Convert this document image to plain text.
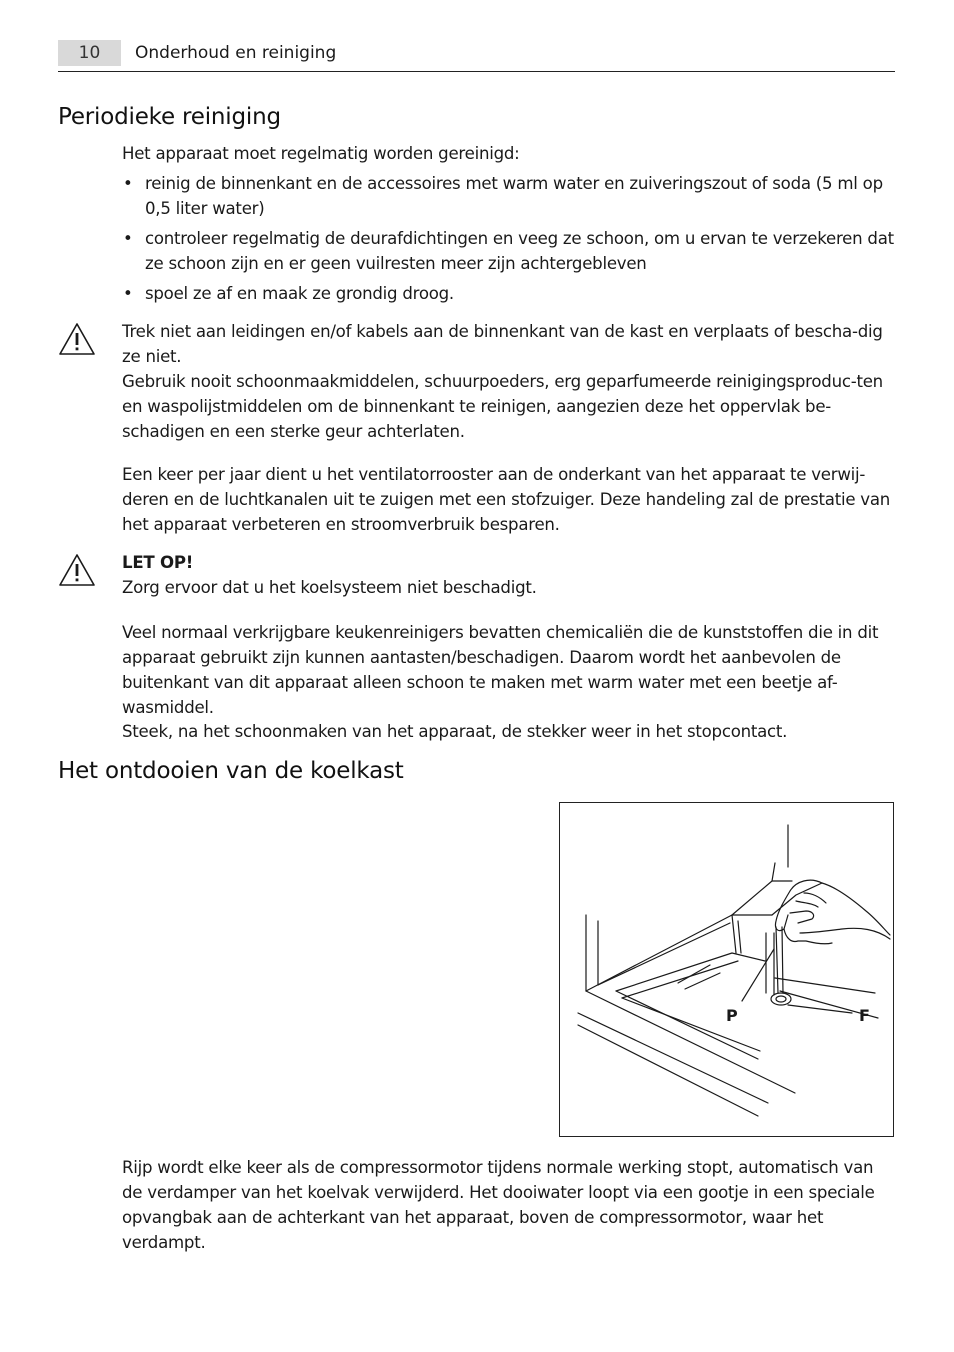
10	Onderhoud en reiniging
Periodieke reiniging

Het apparaat moet regelmatig worden gereinigd:

• reinig de binnenkant en de accessoires met warm water en zuiveringszout of soda (5 ml op 0,5 liter water)
• controleer regelmatig de deurafdichtingen en veeg ze schoon, om u ervan te verzekeren dat ze schoon zijn en er geen vuilresten meer zijn achtergebleven
• spoel ze af en maak ze grondig droog.

Trek niet aan leidingen en/of kabels aan de binnenkant van de kast en verplaats of bescha-dig ze niet.

Gebruik nooit schoonmaakmiddelen, schuurpoeders, erg geparfumeerde reinigingsproduc-ten en waspolijstmiddelen om de binnenkant te reinigen, aangezien deze het oppervlak be-schadigen en een sterke geur achterlaten.

Een keer per jaar dient u het ventilatorrooster aan de onderkant van het apparaat te verwij-deren en de luchtkanalen uit te zuigen met een stofzuiger. Deze handeling zal de prestatie van het apparaat verbeteren en stroomverbruik besparen.

LET OP!

Zorg ervoor dat u het koelsysteem niet beschadigt.

Veel normaal verkrijgbare keukenreinigers bevatten chemicaliën die de kunststoffen die in dit apparaat gebruikt zijn kunnen aantasten/beschadigen. Daarom wordt het aanbevolen de buitenkant van dit apparaat alleen schoon te maken met warm water met een beetje af-wasmiddel.

Steek, na het schoonmaken van het apparaat, de stekker weer in het stopcontact.

Het ontdooien van de koelkast
P	F

Rijp wordt elke keer als de compressormotor tijdens normale werking stopt, automatisch van de verdamper van het koelvak verwijderd. Het dooiwater loopt via een gootje in een speciale opvangbak aan de achterkant van het apparaat, boven de compressormotor, waar het verdampt.
